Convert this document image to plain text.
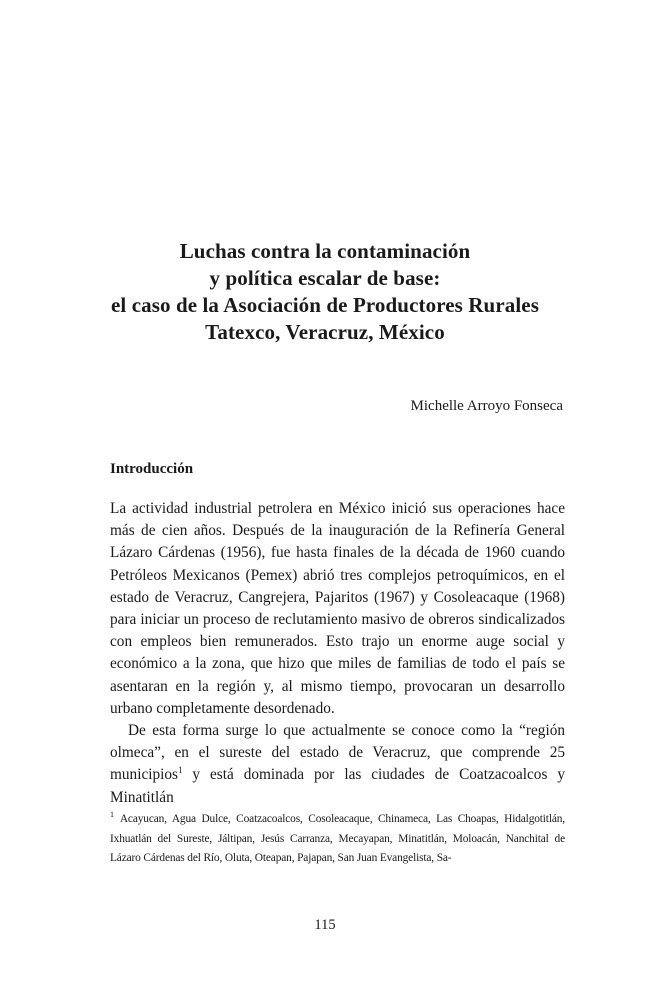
Luchas contra la contaminación
y política escalar de base:
el caso de la Asociación de Productores Rurales
Tatexco, Veracruz, México
Michelle Arroyo Fonseca
Introducción

La actividad industrial petrolera en México inició sus operaciones hace más de cien años. Después de la inauguración de la Refinería General Lázaro Cárdenas (1956), fue hasta finales de la década de 1960 cuando Petróleos Mexicanos (Pemex) abrió tres complejos petroquímicos, en el estado de Veracruz, Cangrejera, Pajaritos (1967) y Cosoleacaque (1968) para iniciar un proceso de reclutamiento masivo de obreros sindicalizados con empleos bien remunerados. Esto trajo un enorme auge social y económico a la zona, que hizo que miles de familias de todo el país se asentaran en la región y, al mismo tiempo, provocaran un desarrollo urbano completamente desordenado.

De esta forma surge lo que actualmente se conoce como la “región olmeca”, en el sureste del estado de Veracruz, que comprende 25 municipios$^1$ y está dominada por las ciudades de Coatzacoalcos y Minatitlán

$^1$ Acayucan, Agua Dulce, Coatzacoalcos, Cosoleacaque, Chinameca, Las Choapas, Hidalgotitlán, Ixhuatlán del Sureste, Jáltipan, Jesús Carranza, Mecayapan, Minatitlán, Moloacán, Nanchital de Lázaro Cárdenas del Río, Oluta, Oteapan, Pajapan, San Juan Evangelista, Sa-
115
